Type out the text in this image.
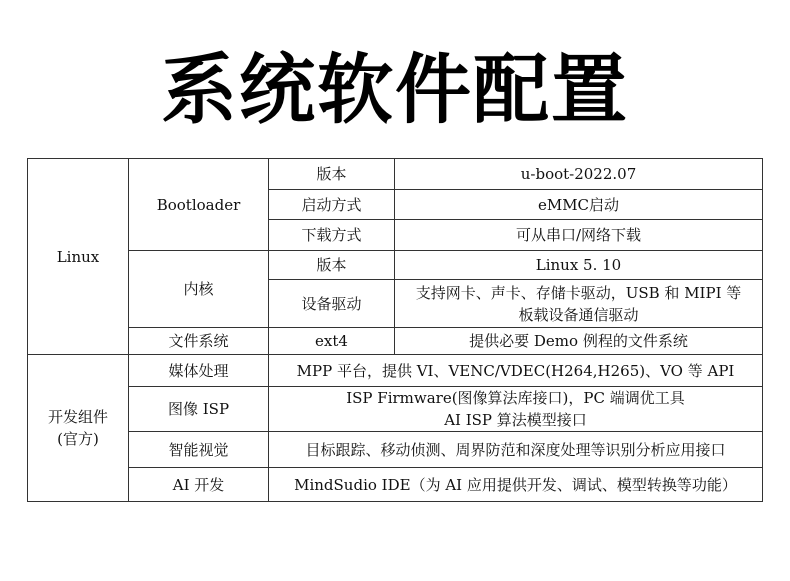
系统软件配置
Linux	Bootloader	版本	u-boot-2022.07
		启动方式	eMMC启动
		下载方式	可从串口/网络下载
	内核	版本	Linux 5. 10
		设备驱动	支持网卡、声卡、存储卡驱动，USB 和 MIPI 等
板载设备通信驱动

	文件系统	ext4	提供必要 Demo 例程的文件系统

开发组件
(官方)	媒体处理	MPP 平台，提供 VI、VENC/VDEC(H264,H265)、VO 等 API	
	图像 ISP	ISP Firmware(图像算法库接口)，PC 端调优工具
AI ISP 算法模型接口	

	智能视觉	目标跟踪、移动侦测、周界防范和深度处理等识别分析应用接口	
	AI 开发	MindSudio IDE（为 AI 应用提供开发、调试、模型转换等功能）	
